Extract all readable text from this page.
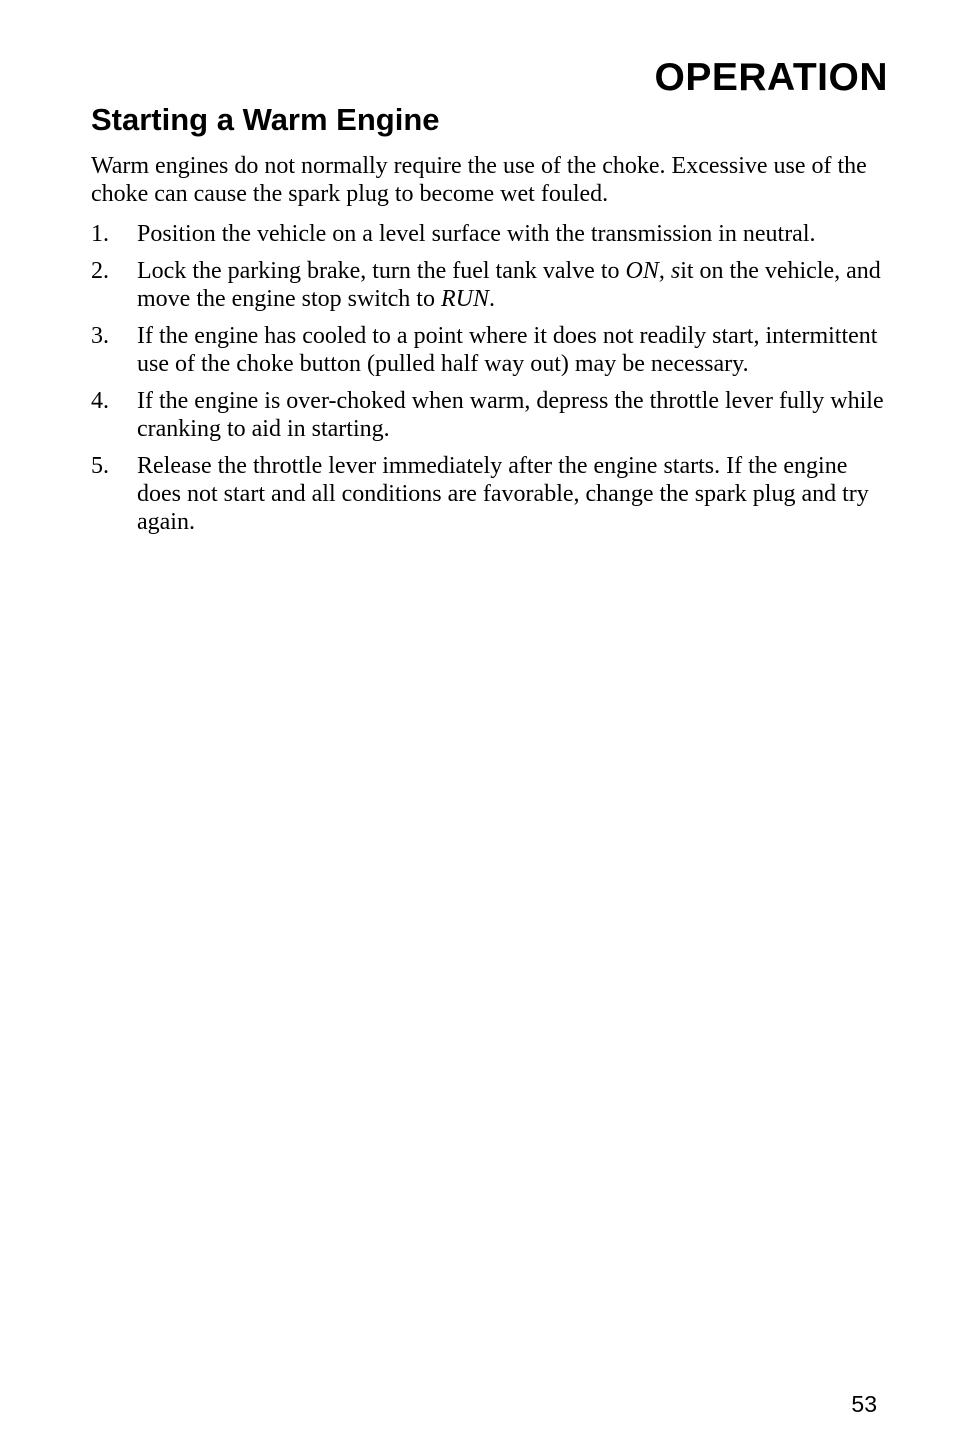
OPERATION
Starting a Warm Engine

Warm engines do not normally require the use of the choke. Excessive use of the choke can cause the spark plug to become wet fouled.

1.	Position the vehicle on a level surface with the transmission in neutral.
2.	Lock the parking brake, turn the fuel tank valve to ON, sit on the vehicle, and move the engine stop switch to RUN.
3.	If the engine has cooled to a point where it does not readily start, intermittent use of the choke button (pulled half way out) may be necessary.
4.	If the engine is over-choked when warm, depress the throttle lever fully while cranking to aid in starting.
5.	Release the throttle lever immediately after the engine starts. If the engine does not start and all conditions are favorable, change the spark plug and try again.
53
